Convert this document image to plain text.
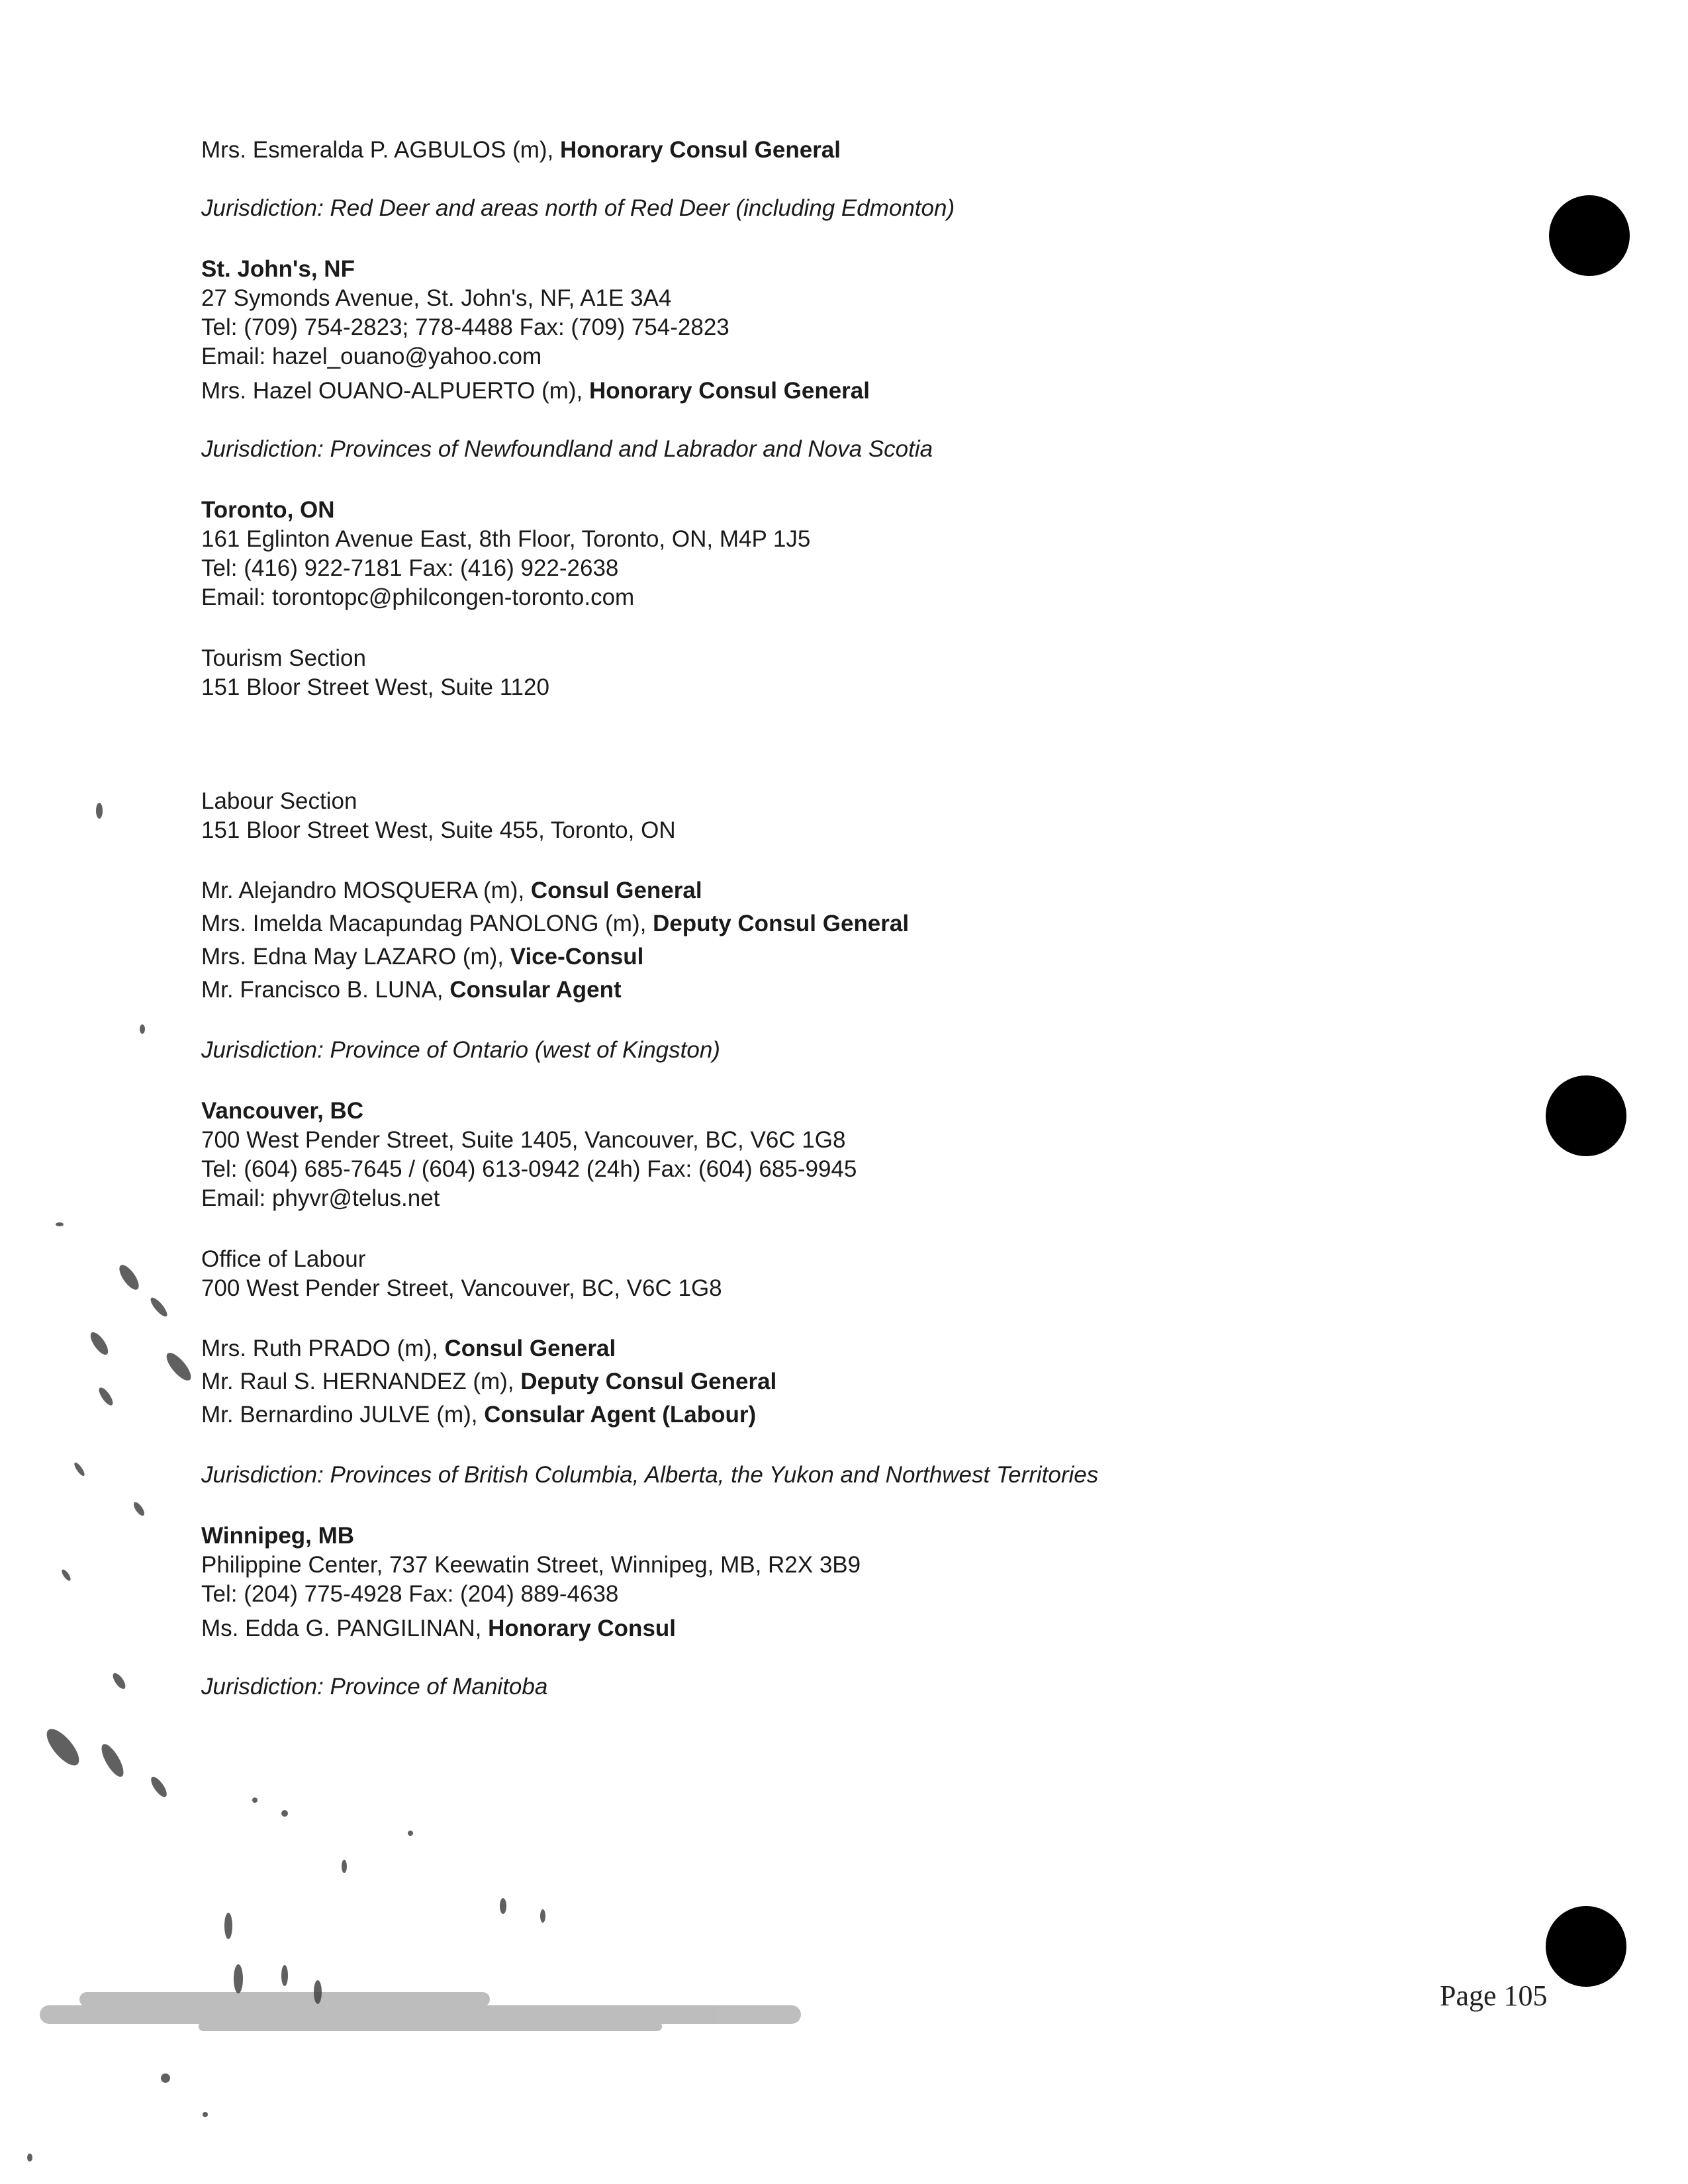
Mrs. Esmeralda P. AGBULOS (m), Honorary Consul General
Jurisdiction: Red Deer and areas north of Red Deer (including Edmonton)
St. John's, NF
27 Symonds Avenue, St. John's, NF, A1E 3A4
Tel: (709) 754-2823; 778-4488 Fax: (709) 754-2823
Email: hazel_ouano@yahoo.com
Mrs. Hazel OUANO-ALPUERTO (m), Honorary Consul General
Jurisdiction: Provinces of Newfoundland and Labrador and Nova Scotia
Toronto, ON
161 Eglinton Avenue East, 8th Floor, Toronto, ON, M4P 1J5
Tel: (416) 922-7181 Fax: (416) 922-2638
Email: torontopc@philcongen-toronto.com
Tourism Section
151 Bloor Street West, Suite 1120
Labour Section
151 Bloor Street West, Suite 455, Toronto, ON
Mr. Alejandro MOSQUERA (m), Consul General
Mrs. Imelda Macapundag PANOLONG (m), Deputy Consul General
Mrs. Edna May LAZARO (m), Vice-Consul
Mr. Francisco B. LUNA, Consular Agent
Jurisdiction: Province of Ontario (west of Kingston)
Vancouver, BC
700 West Pender Street, Suite 1405, Vancouver, BC, V6C 1G8
Tel: (604) 685-7645 / (604) 613-0942 (24h) Fax: (604) 685-9945
Email: phyvr@telus.net
Office of Labour
700 West Pender Street, Vancouver, BC, V6C 1G8
Mrs. Ruth PRADO (m), Consul General
Mr. Raul S. HERNANDEZ (m), Deputy Consul General
Mr. Bernardino JULVE (m), Consular Agent (Labour)
Jurisdiction: Provinces of British Columbia, Alberta, the Yukon and Northwest Territories
Winnipeg, MB
Philippine Center, 737 Keewatin Street, Winnipeg, MB, R2X 3B9
Tel: (204) 775-4928 Fax: (204) 889-4638
Ms. Edda G. PANGILINAN, Honorary Consul
Jurisdiction: Province of Manitoba
Page 105
